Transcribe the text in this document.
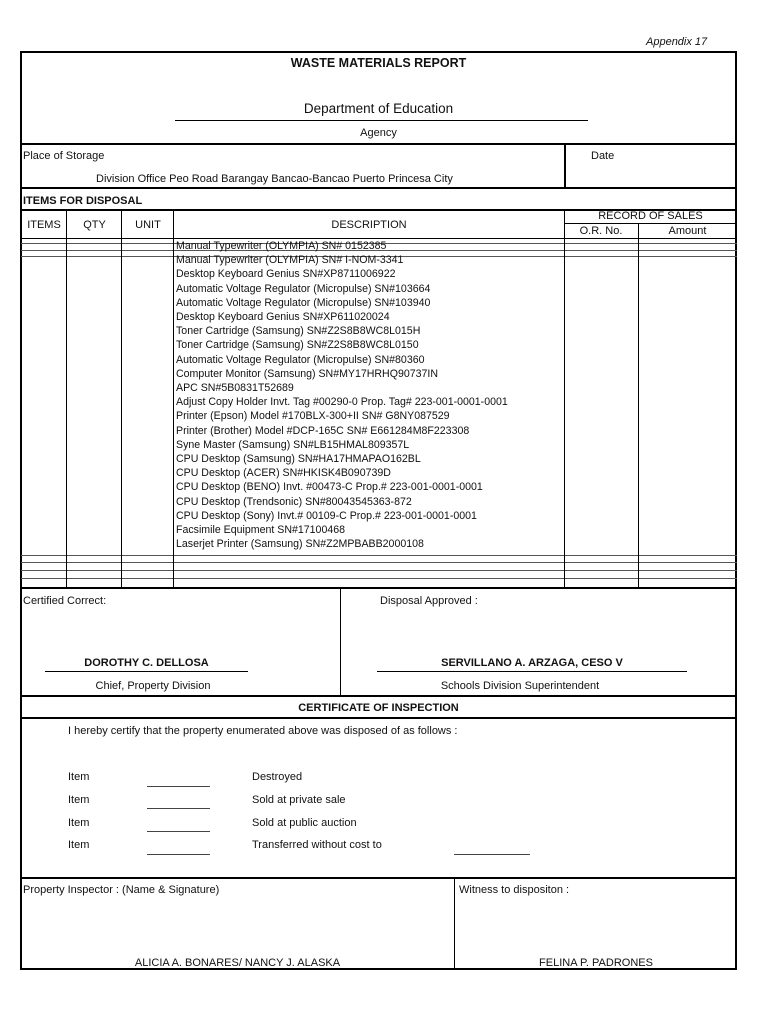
Appendix 17
WASTE MATERIALS REPORT
Department of Education
Agency
Place of Storage
Division Office Peo Road Barangay Bancao-Bancao Puerto Princesa City
Date
ITEMS FOR DISPOSAL
ITEMS	QTY	UNIT	DESCRIPTION
RECORD OF SALES
O.R. No.	Amount
Manual Typewriter (OLYMPIA) SN# 0152385
Manual Typewriter (OLYMPIA) SN# I-NOM-3341
Desktop Keyboard Genius SN#XP8711006922
Automatic Voltage Regulator (Micropulse) SN#103664
Automatic Voltage Regulator (Micropulse) SN#103940
Desktop Keyboard Genius SN#XP611020024
Toner Cartridge (Samsung) SN#Z2S8B8WC8L015H
Toner Cartridge (Samsung) SN#Z2S8B8WC8L0150
Automatic Voltage Regulator (Micropulse) SN#80360
Computer Monitor (Samsung) SN#MY17HRHQ90737IN
APC SN#5B0831T52689
Adjust Copy Holder Invt. Tag #00290-0 Prop. Tag# 223-001-0001-0001
Printer (Epson) Model #170BLX-300+II SN# G8NY087529
Printer (Brother) Model #DCP-165C SN# E661284M8F223308
Syne Master (Samsung) SN#LB15HMAL809357L
CPU Desktop (Samsung) SN#HA17HMAPAO162BL
CPU Desktop (ACER) SN#HKISK4B090739D
CPU Desktop (BENO) Invt. #00473-C Prop.# 223-001-0001-0001
CPU Desktop (Trendsonic) SN#80043545363-872
CPU Desktop (Sony) Invt.# 00109-C Prop.# 223-001-0001-0001
Facsimile Equipment SN#17100468
Laserjet Printer (Samsung) SN#Z2MPBABB2000108
Certified Correct:	Disposal Approved :
DOROTHY C. DELLOSA
Chief, Property Division
SERVILLANO A. ARZAGA, CESO V
Schools Division Superintendent
CERTIFICATE OF INSPECTION
I hereby certify that the property enumerated above was disposed of as follows :
Item	Destroyed
Item	Sold at private sale
Item	Sold at public auction
Item	Transferred without cost to
Property Inspector : (Name & Signature)	Witness to dispositon :
ALICIA A. BONARES/ NANCY J. ALASKA	FELINA P. PADRONES
